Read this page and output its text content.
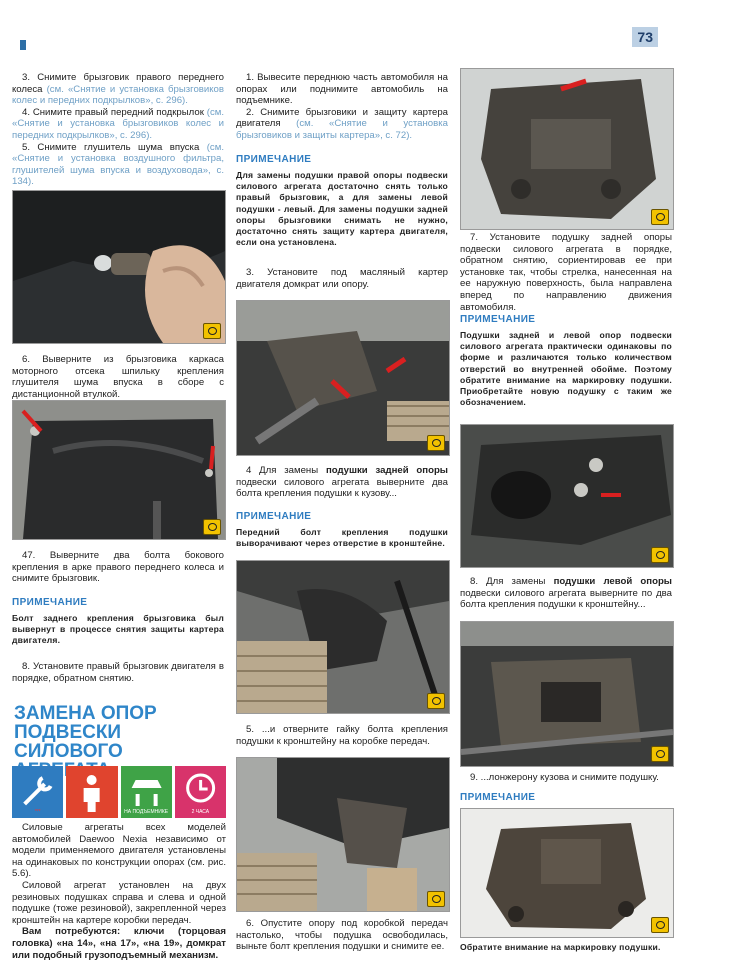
73

3. Снимите брызговик правого переднего колеса (см. «Снятие и установка брызговиков колес и передних подкрылков», с. 296).

4. Снимите правый передний подкрылок (см. «Снятие и установка брызговиков колес и передних подкрылков», с. 296).

5. Снимите глушитель шума впуска (см. «Снятие и установка воздушного фильтра, глушителей шума впуска и воздуховода», с. 134).

6. Выверните из брызговика каркаса моторного отсека шпильку крепления глушителя шума впуска в сборе с дистанционной втулкой.

47. Выверните два болта бокового крепления в арке правого переднего колеса и снимите брызговик.

ПРИМЕЧАНИЕ
Болт заднего крепления брызговика был вывернут в процессе снятия защиты картера двигателя.

8. Установите правый брызговик двигателя в порядке, обратном снятию.

ЗАМЕНА ОПОР ПОДВЕСКИ СИЛОВОГО
***	НА ПОДЪЕМНИКЕ	2 ЧАСА

Силовые агрегаты всех моделей автомобилей Daewoo Nexia независимо от модели применяемого двигателя установлены на одинаковых по конструкции опорах (см. рис. 5.6).

Силовой агрегат установлен на двух резиновых подушках справа и слева и одной подушке (тоже резиновой), закрепленной через кронштейн на картере коробки передач.

Вам потребуются: ключи (торцовая головка) «на 14», «на 17», «на 19», домкрат или подобный грузоподъемный механизм.

1. Вывесите переднюю часть автомобиля на опорах или поднимите автомобиль на подъемнике.

2. Снимите брызговики и защиту картера двигателя (см. «Снятие и установка брызговиков и защиты картера», с. 72).

ПРИМЕЧАНИЕ
Для замены подушки правой опоры подвески силового агрегата достаточно снять только правый брызговик, а для замены левой подушки - левый. Для замены подушки задней опоры брызговики снимать не нужно, достаточно снять защиту картера двигателя, если она установлена.

3. Установите под масляный картер двигателя домкрат или опору.

4 Для замены подушки задней опоры подвески силового агрегата выверните два болта крепления подушки к кузову...

ПРИМЕЧАНИЕ
Передний болт крепления подушки выворачивают через отверстие в кронштейне.

5. ...и отверните гайку болта крепления подушки к кронштейну на коробке передач.

6. Опустите опору под коробкой передач настолько, чтобы подушка освободилась, выньте болт крепления подушки и снимите ее.

7. Установите подушку задней опоры подвески силового агрегата в порядке, обратном снятию, сориентировав ее при установке так, чтобы стрелка, нанесенная на ее наружную поверхность, была направлена вперед по направлению движения автомобиля.

ПРИМЕЧАНИЕ
Подушки задней и левой опор подвески силового агрегата практически одинаковы по форме и различаются только количеством отверстий во внутренней обойме. Поэтому обратите внимание на маркировку подушки. Приобретайте новую подушку с таким же обозначением.

8. Для замены подушки левой опоры подвески силового агрегата выверните по два болта крепления подушки к кронштейну...

9. ...лонжерону кузова и снимите подушку.

ПРИМЕЧАНИЕ
Обратите внимание на маркировку подушки.
